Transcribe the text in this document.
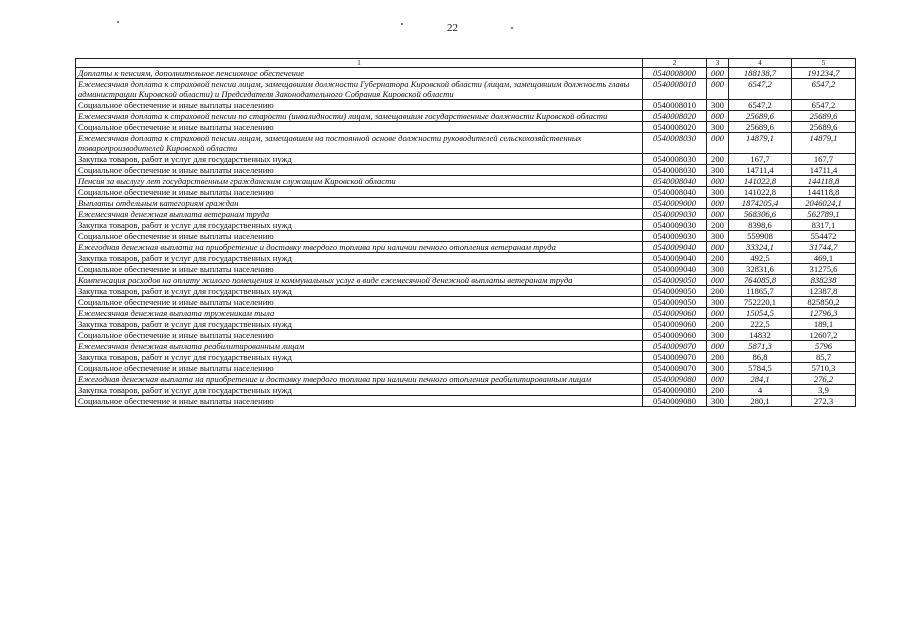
22
1	2	3	4	5
Доплаты к пенсиям, дополнительное пенсионное обеспечение	0540008000	000	188138,7	191234,7
Ежемесячная доплата к страховой пенсии лицам, замещавшим должности Губернатора Кировской области (лицам, замещавшим должность главы администрации Кировской области) и Председателя Законодательного Собрания Кировской области	0540008010	000	6547,2	6547,2
Социальное обеспечение и иные выплаты населению	0540008010	300	6547,2	6547,2
Ежемесячная доплата к страховой пенсии по старости (инвалидности) лицам, замещавшим государственные должности Кировской области	0540008020	000	25689,6	25689,6
Социальное обеспечение и иные выплаты населению	0540008020	300	25689,6	25689,6
Ежемесячная доплата к страховой пенсии лицам, замещавшим на постоянной основе должности руководителей сельскохозяйственных товаропроизводителей Кировской области	0540008030	000	14879,1	14879,1
Закупка товаров, работ и услуг для государственных нужд	0540008030	200	167,7	167,7
Социальное обеспечение и иные выплаты населению	0540008030	300	14711,4	14711,4
Пенсия за выслугу лет государственным гражданским служащим Кировской области	0540008040	000	141022,8	144118,8
Социальное обеспечение и иные выплаты населению	0540008040	300	141022,8	144118,8
Выплаты отдельным категориям граждан	0540009000	000	1874205,4	2046024,1
Ежемесячная денежная выплата ветеранам труда	0540009030	000	568306,6	562789,1
Закупка товаров, работ и услуг для государственных нужд	0540009030	200	8398,6	8317,1
Социальное обеспечение и иные выплаты населению	0540009030	300	559908	554472
Ежегодная денежная выплата на приобретение и доставку твердого топлива при наличии печного отопления ветеранам труда	0540009040	000	33324,1	31744,7
Закупка товаров, работ и услуг для государственных нужд	0540009040	200	492,5	469,1
Социальное обеспечение и иные выплаты населению	0540009040	300	32831,6	31275,6
Компенсация расходов на оплату жилого помещения и коммунальных услуг в виде ежемесячной денежной выплаты ветеранам труда	0540009050	000	764085,8	838238
Закупка товаров, работ и услуг для государственных нужд	0540009050	200	11865,7	12387,8
Социальное обеспечение и иные выплаты населению	0540009050	300	752220,1	825850,2
Ежемесячная денежная выплата труженикам тыла	0540009060	000	15054,5	12796,3
Закупка товаров, работ и услуг для государственных нужд	0540009060	200	222,5	189,1
Социальное обеспечение и иные выплаты населению	0540009060	300	14832	12607,2
Ежемесячная денежная выплата реабилитированным лицам	0540009070	000	5871,3	5796
Закупка товаров, работ и услуг для государственных нужд	0540009070	200	86,8	85,7
Социальное обеспечение и иные выплаты населению	0540009070	300	5784,5	5710,3
Ежегодная денежная выплата на приобретение и доставку твердого топлива при наличии печного отопления реабилитированным лицам	0540009080	000	284,1	276,2
Закупка товаров, работ и услуг для государственных нужд	0540009080	200	4	3,9
Социальное обеспечение и иные выплаты населению	0540009080	300	280,1	272,3
